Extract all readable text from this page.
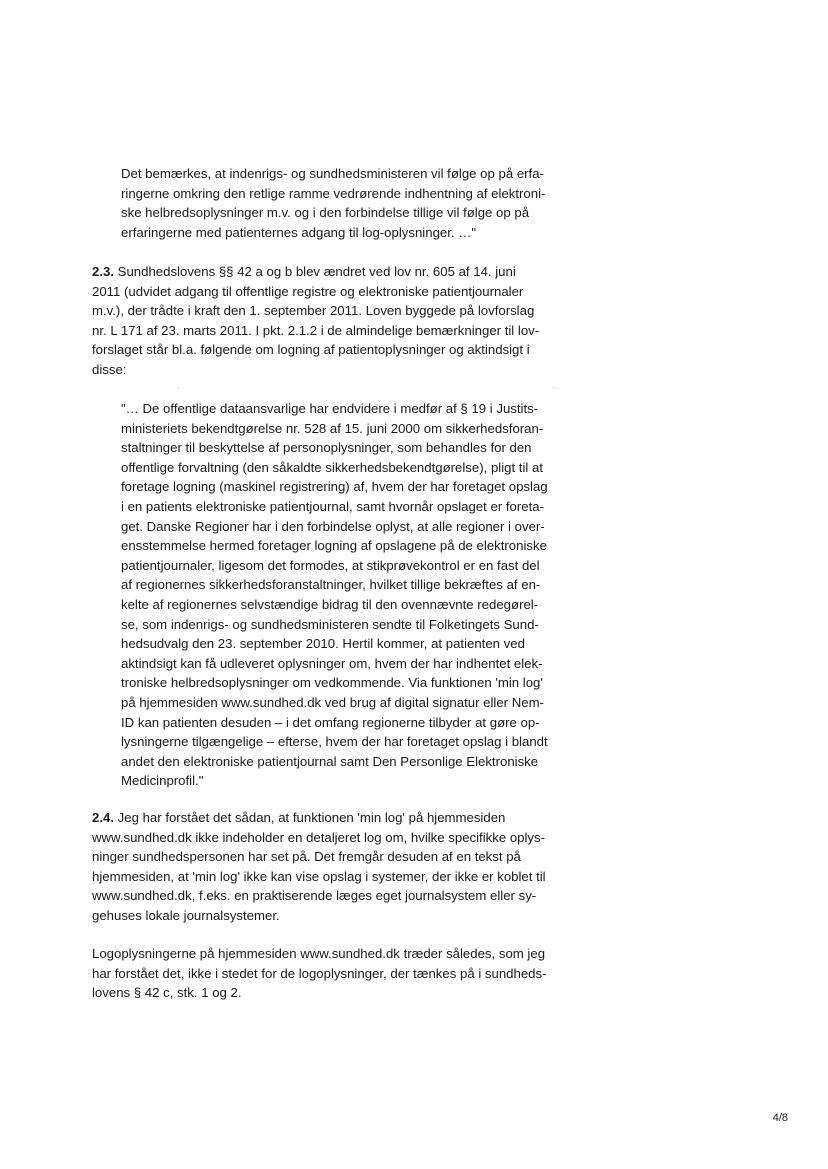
Det bemærkes, at indenrigs- og sundhedsministeren vil følge op på erfa-
ringerne omkring den retlige ramme vedrørende indhentning af elektroni-
ske helbredsoplysninger m.v. og i den forbindelse tillige vil følge op på
erfaringerne med patienternes adgang til log-oplysninger. …"

2.3. Sundhedslovens §§ 42 a og b blev ændret ved lov nr. 605 af 14. juni
2011 (udvidet adgang til offentlige registre og elektroniske patientjournaler
m.v.), der trådte i kraft den 1. september 2011. Loven byggede på lovforslag
nr. L 171 af 23. marts 2011. I pkt. 2.1.2 i de almindelige bemærkninger til lov-
forslaget står bl.a. følgende om logning af patientoplysninger og aktindsigt i
disse:

"… De offentlige dataansvarlige har endvidere i medfør af § 19 i Justits-
ministeriets bekendtgørelse nr. 528 af 15. juni 2000 om sikkerhedsforan-
staltninger til beskyttelse af personoplysninger, som behandles for den
offentlige forvaltning (den såkaldte sikkerhedsbekendtgørelse), pligt til at
foretage logning (maskinel registrering) af, hvem der har foretaget opslag
i en patients elektroniske patientjournal, samt hvornår opslaget er foreta-
get. Danske Regioner har i den forbindelse oplyst, at alle regioner i over-
ensstemmelse hermed foretager logning af opslagene på de elektroniske
patientjournaler, ligesom det formodes, at stikprøvekontrol er en fast del
af regionernes sikkerhedsforanstaltninger, hvilket tillige bekræftes af en-
kelte af regionernes selvstændige bidrag til den ovennævnte redegørel-
se, som indenrigs- og sundhedsministeren sendte til Folketingets Sund-
hedsudvalg den 23. september 2010. Hertil kommer, at patienten ved
aktindsigt kan få udleveret oplysninger om, hvem der har indhentet elek-
troniske helbredsoplysninger om vedkommende. Via funktionen 'min log'
på hjemmesiden www.sundhed.dk ved brug af digital signatur eller Nem-
ID kan patienten desuden – i det omfang regionerne tilbyder at gøre op-
lysningerne tilgængelige – efterse, hvem der har foretaget opslag i blandt
andet den elektroniske patientjournal samt Den Personlige Elektroniske
Medicinprofil."

2.4. Jeg har forstået det sådan, at funktionen 'min log' på hjemmesiden
www.sundhed.dk ikke indeholder en detaljeret log om, hvilke specifikke oplys-
ninger sundhedspersonen har set på. Det fremgår desuden af en tekst på
hjemmesiden, at 'min log' ikke kan vise opslag i systemer, der ikke er koblet til
www.sundhed.dk, f.eks. en praktiserende læges eget journalsystem eller sy-
gehuses lokale journalsystemer.

Logoplysningerne på hjemmesiden www.sundhed.dk træder således, som jeg
har forstået det, ikke i stedet for de logoplysninger, der tænkes på i sundheds-
lovens § 42 c, stk. 1 og 2.

4/8
